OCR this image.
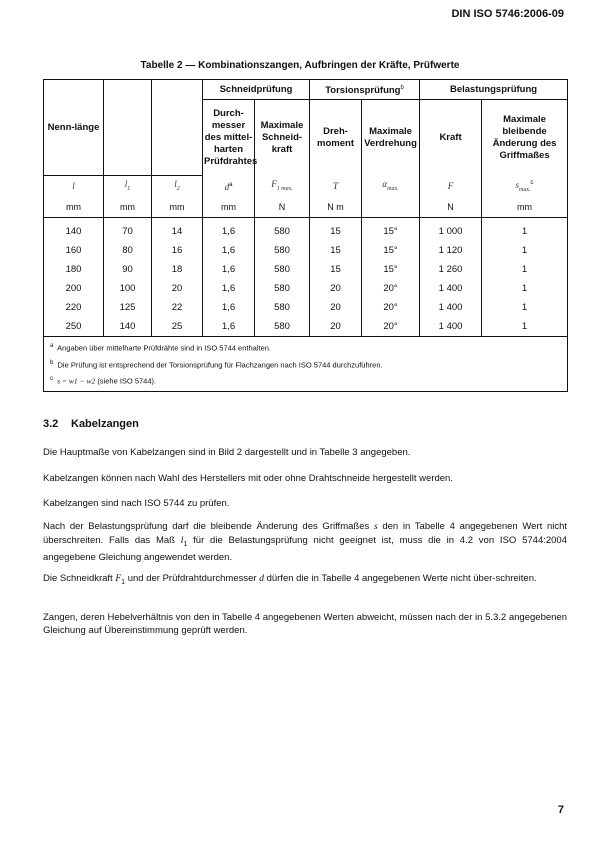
DIN ISO 5746:2006-09
Tabelle 2 — Kombinationszangen, Aufbringen der Kräfte, Prüfwerte
Nenn-länge			Schneidprüfung		Torsionsprüfung$^b$		Belastungsprüfung	
			Durch-messer des mittel-harten Prüfdrahtes	Maximale Schneid-kraft	Dreh-moment	Maximale Verdrehung	Kraft	Maximale bleibende Änderung des Griffmaßes
l	$l_1$	$l_2$	$d^a$	$F_{1 max.}$	T	$\alpha_{max.}$	F	$s_{max.}^c$
mm	mm	mm	mm	N	N m		N	mm
140	70	14	1,6	580	15	15°	1 000	1
160	80	16	1,6	580	15	15°	1 120	1
180	90	18	1,6	580	15	15°	1 260	1
200	100	20	1,6	580	20	20°	1 400	1
220	125	22	1,6	580	20	20°	1 400	1
250	140	25	1,6	580	20	20°	1 400	1

$^a$ Angaben über mittelharte Prüfdrähte sind in ISO 5744 enthalten.
$^b$ Die Prüfung ist entsprechend der Torsionsprüfung für Flachzangen nach ISO 5744 durchzuführen.
$^c$ s = w1 − w2 (siehe ISO 5744).								
3.2 Kabelzangen
Die Hauptmaße von Kabelzangen sind in Bild 2 dargestellt und in Tabelle 3 angegeben.
Kabelzangen können nach Wahl des Herstellers mit oder ohne Drahtschneide hergestellt werden.
Kabelzangen sind nach ISO 5744 zu prüfen.
Nach der Belastungsprüfung darf die bleibende Änderung des Griffmaßes s den in Tabelle 4 angegebenen Wert nicht überschreiten. Falls das Maß $l_1$ für die Belastungsprüfung nicht geeignet ist, muss die in 4.2 von ISO 5744:2004 angegebene Gleichung angewendet werden.
Die Schneidkraft $F_1$ und der Prüfdrahtdurchmesser d dürfen die in Tabelle 4 angegebenen Werte nicht über-schreiten.
Zangen, deren Hebelverhältnis von den in Tabelle 4 angegebenen Werten abweicht, müssen nach der in 5.3.2 angegebenen Gleichung auf Übereinstimmung geprüft werden.
7
